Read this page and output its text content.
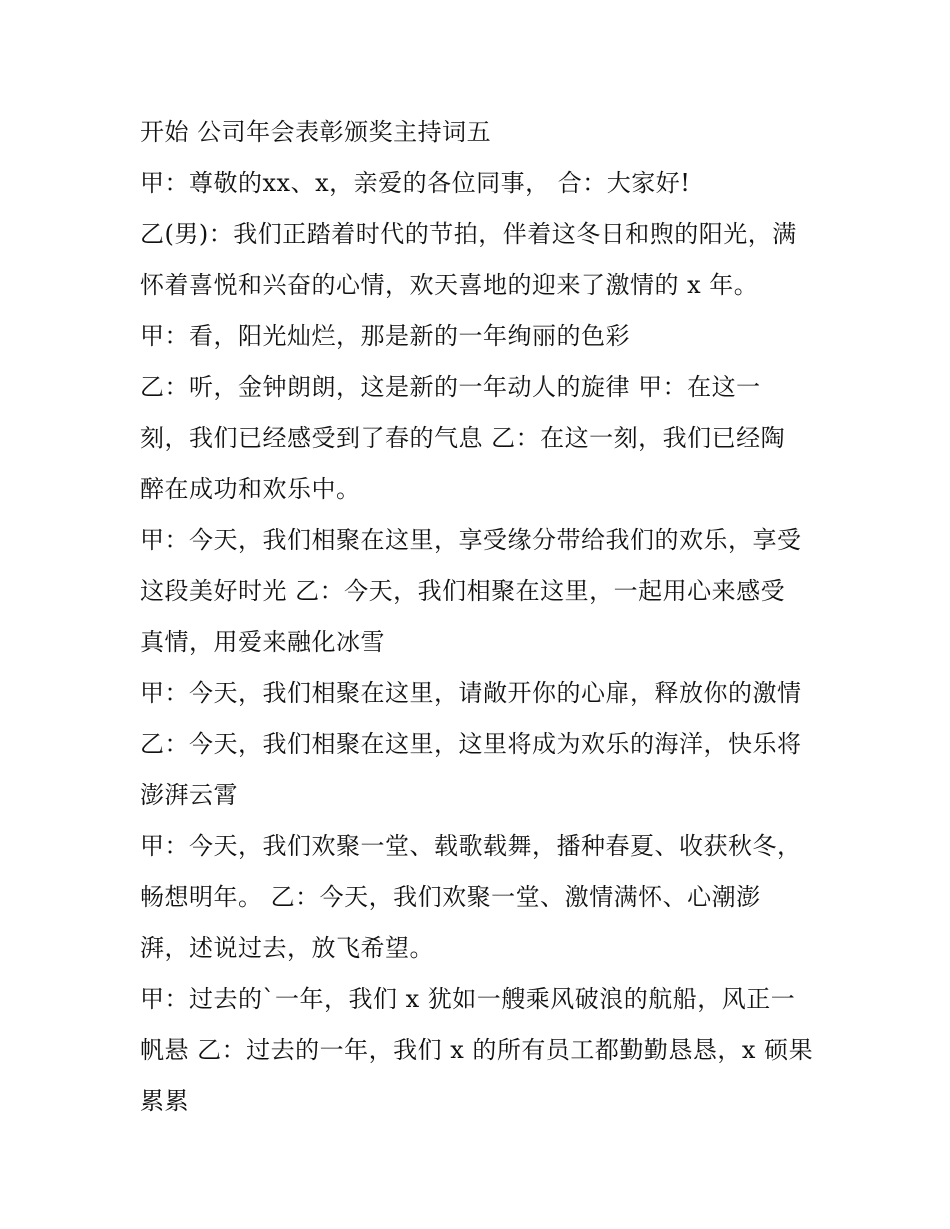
开始 公司年会表彰颁奖主持词五

甲：尊敬的xx、x，亲爱的各位同事， 合：大家好!

乙(男)：我们正踏着时代的节拍，伴着这冬日和煦的阳光，满

怀着喜悦和兴奋的心情，欢天喜地的迎来了激情的 x 年。

甲：看，阳光灿烂，那是新的一年绚丽的色彩

乙：听，金钟朗朗，这是新的一年动人的旋律 甲：在这一

刻，我们已经感受到了春的气息 乙：在这一刻，我们已经陶

醉在成功和欢乐中。

甲：今天，我们相聚在这里，享受缘分带给我们的欢乐，享受

这段美好时光 乙：今天，我们相聚在这里，一起用心来感受

真情，用爱来融化冰雪

甲：今天，我们相聚在这里，请敞开你的心扉，释放你的激情

乙：今天，我们相聚在这里，这里将成为欢乐的海洋，快乐将

澎湃云霄

甲：今天，我们欢聚一堂、载歌载舞，播种春夏、收获秋冬，

畅想明年。 乙：今天，我们欢聚一堂、激情满怀、心潮澎

湃，述说过去，放飞希望。

甲：过去的`一年，我们 x 犹如一艘乘风破浪的航船，风正一

帆悬 乙：过去的一年，我们 x 的所有员工都勤勤恳恳，x 硕果

累累
